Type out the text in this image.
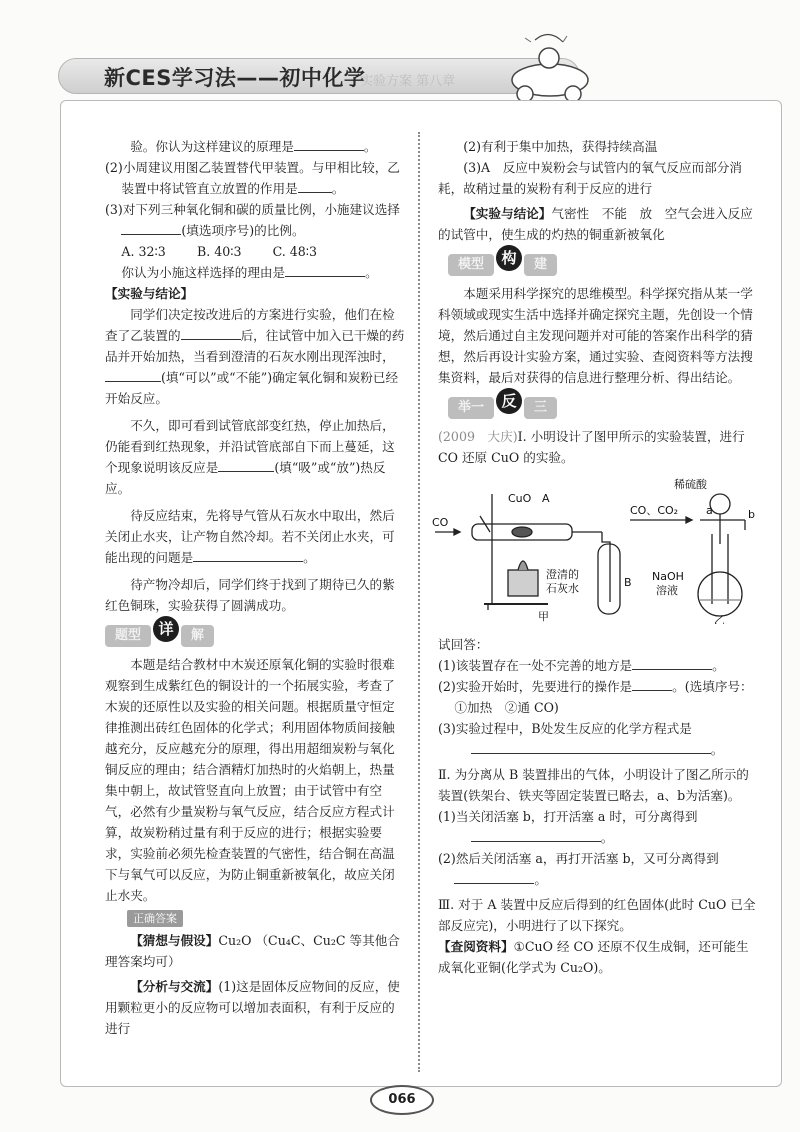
新CES学习法——初中化学
实验方案 第八章

验。你认为这样建议的原理是	。

(2)小周建议用图乙装置替代甲装置。与甲相比较，乙装置中将试管直立放置的作用是	。

(3)对下列三种氧化铜和碳的质量比例，小施建议选择(填选项序号)的比例。

A. 32∶3 B. 40∶3 C. 48∶3

你认为小施这样选择的理由是	。

【实验与结论】

同学们决定按改进后的方案进行实验，他们在检查了乙装置的	后，往试管中加入已干燥的药品并开始加热，当看到澄清的石灰水刚出现浑浊时，(填“可以”或“不能”)确定氧化铜和炭粉已经开始反应。

不久，即可看到试管底部变红热，停止加热后，仍能看到红热现象，并沿试管底部自下而上蔓延，这个现象说明该反应是	(填“吸”或“放”)热反应。

待反应结束，先将导气管从石灰水中取出，然后关闭止水夹，让产物自然冷却。若不关闭止水夹，可能出现的问题是	。

待产物冷却后，同学们终于找到了期待已久的紫红色铜珠，实验获得了圆满成功。

题型 详 解

本题是结合教材中木炭还原氧化铜的实验时很难观察到生成紫红色的铜设计的一个拓展实验，考查了木炭的还原性以及实验的相关问题。根据质量守恒定律推测出砖红色固体的化学式；利用固体物质间接触越充分，反应越充分的原理，得出用超细炭粉与氧化铜反应的理由；结合酒精灯加热时的火焰朝上，热量集中朝上，故试管竖直向上放置；由于试管中有空气，必然有少量炭粉与氧气反应，结合反应方程式计算，故炭粉稍过量有利于反应的进行；根据实验要求，实验前必须先检查装置的气密性，结合铜在高温下与氧气可以反应，为防止铜重新被氧化，故应关闭止水夹。

正确答案

【猜想与假设】Cu₂O （Cu₄C、Cu₂C 等其他合理答案均可）

【分析与交流】(1)这是固体反应物间的反应，使用颗粒更小的反应物可以增加表面积，有利于反应的进行

(2)有利于集中加热，获得持续高温

(3)A　反应中炭粉会与试管内的氧气反应而部分消耗，故稍过量的炭粉有利于反应的进行

【实验与结论】气密性　不能　放　空气会进入反应的试管中，使生成的灼热的铜重新被氧化

模型 构 建

本题采用科学探究的思维模型。科学探究指从某一学科领域或现实生活中选择并确定探究主题，先创设一个情境，然后通过自主发现问题并对可能的答案作出科学的猜想，然后再设计实验方案，通过实验、查阅资料等方法搜集资料，最后对获得的信息进行整理分析、得出结论。

举一 反 三

(2009　大庆)Ⅰ. 小明设计了图甲所示的实验装置，进行 CO 还原 CuO 的实验。

CO
CuO A
澄清的
石灰水	B
甲
CO、CO₂
稀硫酸
a	b
NaOH
溶液
乙

试回答：

(1)该装置存在一处不完善的地方是	。

(2)实验开始时，先要进行的操作是	。(选填序号：①加热　②通 CO)

(3)实验过程中，B处发生反应的化学方程式是
。

Ⅱ. 为分离从 B 装置排出的气体，小明设计了图乙所示的装置(铁架台、铁夹等固定装置已略去，a、b为活塞)。

(1)当关闭活塞 b，打开活塞 a 时，可分离得到
。

(2)然后关闭活塞 a，再打开活塞 b，又可分离得到。

Ⅲ. 对于 A 装置中反应后得到的红色固体(此时 CuO 已全部反应完)，小明进行了以下探究。

【查阅资料】①CuO 经 CO 还原不仅生成铜，还可能生成氧化亚铜(化学式为 Cu₂O)。

066
